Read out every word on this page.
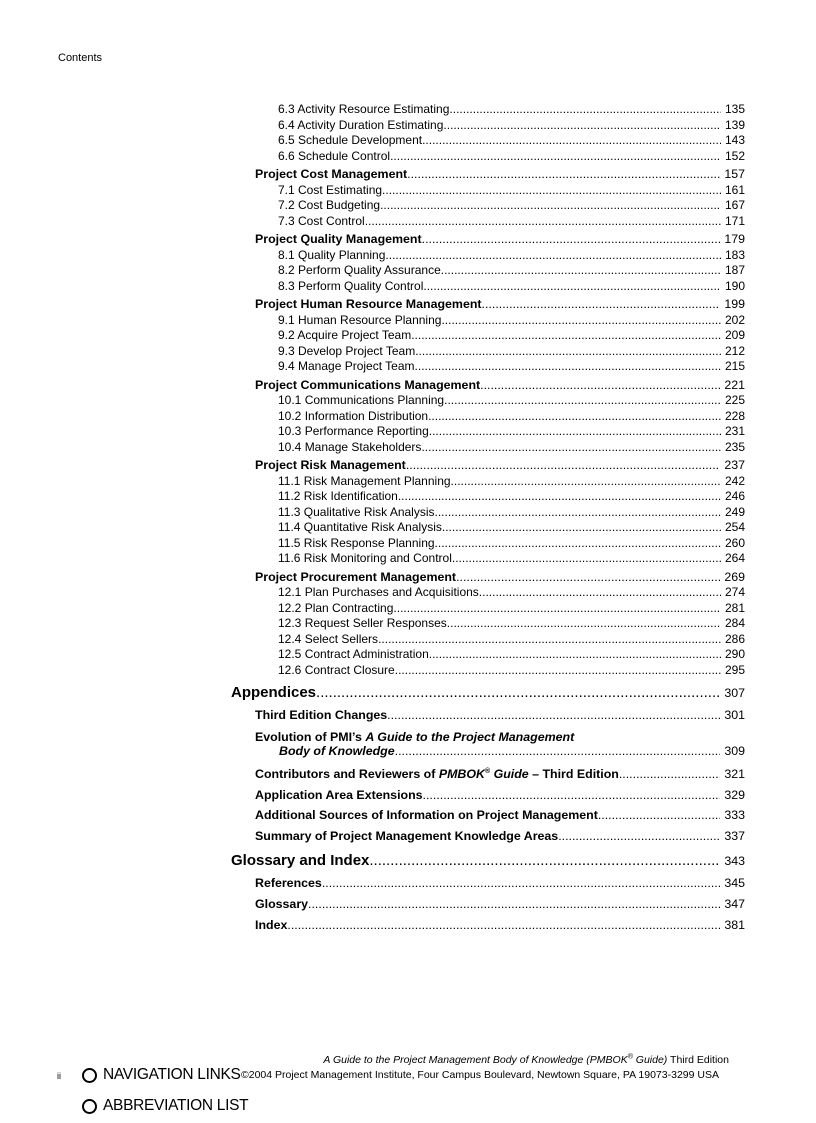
Contents
6.3 Activity Resource Estimating .....	135
6.4 Activity Duration Estimating .....	139
6.5 Schedule Development .....	143
6.6 Schedule Control .....	152
Project Cost Management .....	157
7.1 Cost Estimating .....	161
7.2 Cost Budgeting .....	167
7.3 Cost Control .....	171
Project Quality Management .....	179
8.1 Quality Planning .....	183
8.2 Perform Quality Assurance .....	187
8.3 Perform Quality Control .....	190
Project Human Resource Management .....	199
9.1 Human Resource Planning .....	202
9.2 Acquire Project Team .....	209
9.3 Develop Project Team .....	212
9.4 Manage Project Team .....	215
Project Communications Management .....	221
10.1 Communications Planning .....	225
10.2 Information Distribution .....	228
10.3 Performance Reporting .....	231
10.4 Manage Stakeholders .....	235
Project Risk Management .....	237
11.1 Risk Management Planning .....	242
11.2 Risk Identification .....	246
11.3 Qualitative Risk Analysis .....	249
11.4 Quantitative Risk Analysis .....	254
11.5 Risk Response Planning .....	260
11.6 Risk Monitoring and Control .....	264
Project Procurement Management .....	269
12.1 Plan Purchases and Acquisitions .....	274
12.2 Plan Contracting .....	281
12.3 Request Seller Responses .....	284
12.4 Select Sellers .....	286
12.5 Contract Administration .....	290
12.6 Contract Closure .....	295
Appendices .....	307
Third Edition Changes .....	301
Evolution of PMI’s A Guide to the Project Management
Body of Knowledge .....	309
Contributors and Reviewers of PMBOK® Guide – Third Edition .....	321
Application Area Extensions .....	329
Additional Sources of Information on Project Management .....	333
Summary of Project Management Knowledge Areas .....	337
Glossary and Index .....	343
References .....	345
Glossary .....	347
Index .....	381
A Guide to the Project Management Body of Knowledge (PMBOK® Guide) Third Edition
©2004 Project Management Institute, Four Campus Boulevard, Newtown Square, PA 19073-3299 USA
ii	NAVIGATION LINKS
ABBREVIATION LIST
